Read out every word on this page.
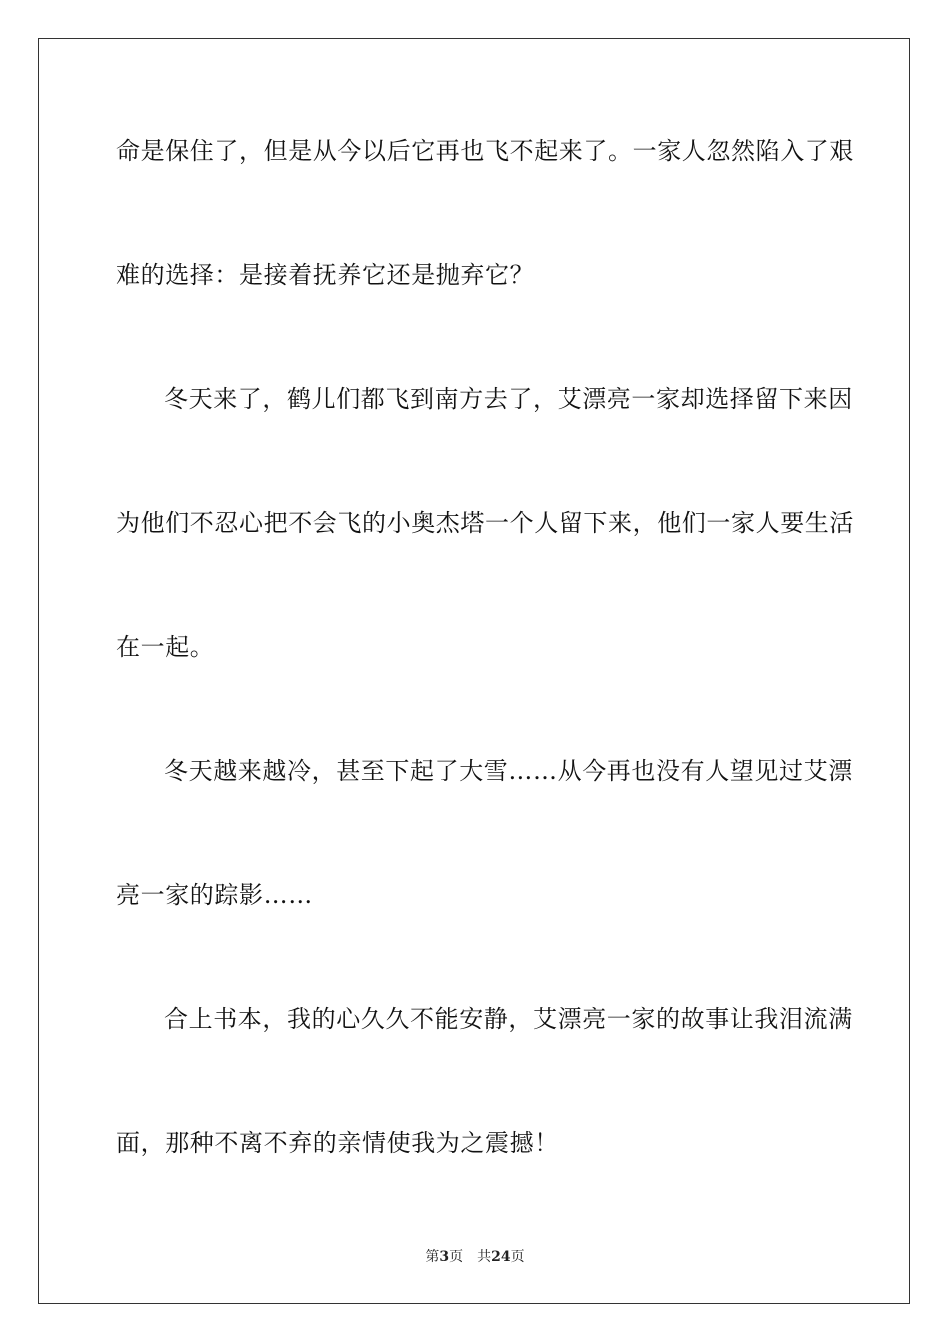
命是保住了，但是从今以后它再也飞不起来了。一家人忽然陷入了艰
难的选择：是接着抚养它还是抛弃它？
冬天来了，鹤儿们都飞到南方去了，艾漂亮一家却选择留下来因
为他们不忍心把不会飞的小奥杰塔一个人留下来，他们一家人要生活
在一起。
冬天越来越冷，甚至下起了大雪……从今再也没有人望见过艾漂
亮一家的踪影……
合上书本，我的心久久不能安静，艾漂亮一家的故事让我泪流满
面，那种不离不弃的亲情使我为之震撼！
第3页 共24页
